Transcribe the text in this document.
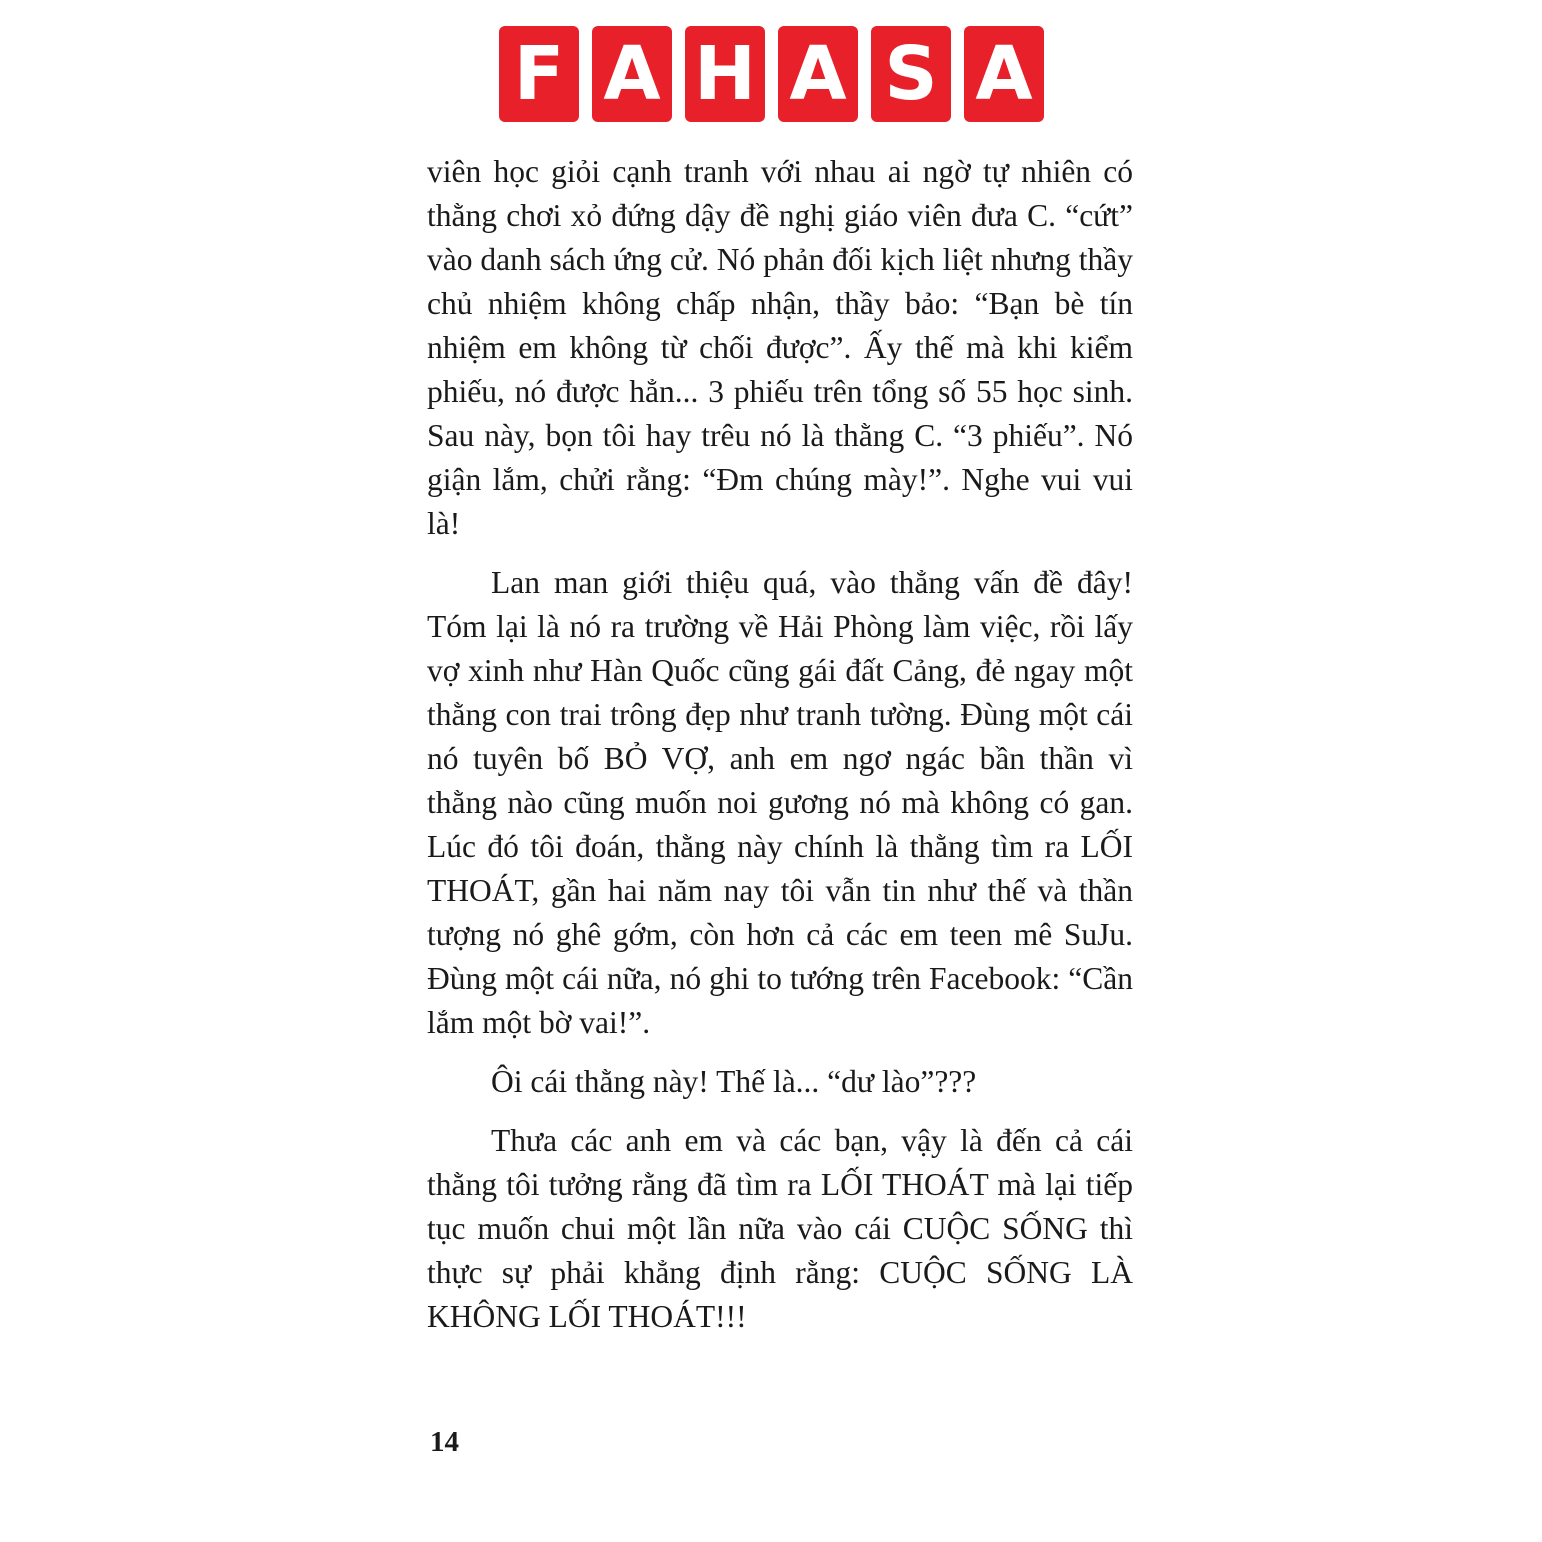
F A H A S A

viên học giỏi cạnh tranh với nhau ai ngờ tự nhiên có thằng chơi xỏ đứng dậy đề nghị giáo viên đưa C. “cứt” vào danh sách ứng cử. Nó phản đối kịch liệt nhưng thầy chủ nhiệm không chấp nhận, thầy bảo: “Bạn bè tín nhiệm em không từ chối được”. Ấy thế mà khi kiểm phiếu, nó được hẳn... 3 phiếu trên tổng số 55 học sinh. Sau này, bọn tôi hay trêu nó là thằng C. “3 phiếu”. Nó giận lắm, chửi rằng: “Đm chúng mày!”. Nghe vui vui là!

Lan man giới thiệu quá, vào thẳng vấn đề đây! Tóm lại là nó ra trường về Hải Phòng làm việc, rồi lấy vợ xinh như Hàn Quốc cũng gái đất Cảng, đẻ ngay một thằng con trai trông đẹp như tranh tường. Đùng một cái nó tuyên bố BỎ VỢ, anh em ngơ ngác bần thần vì thằng nào cũng muốn noi gương nó mà không có gan. Lúc đó tôi đoán, thằng này chính là thằng tìm ra LỐI THOÁT, gần hai năm nay tôi vẫn tin như thế và thần tượng nó ghê gớm, còn hơn cả các em teen mê SuJu. Đùng một cái nữa, nó ghi to tướng trên Facebook: “Cần lắm một bờ vai!”.

Ôi cái thằng này! Thế là... “dư lào”???

Thưa các anh em và các bạn, vậy là đến cả cái thằng tôi tưởng rằng đã tìm ra LỐI THOÁT mà lại tiếp tục muốn chui một lần nữa vào cái CUỘC SỐNG thì thực sự phải khẳng định rằng: CUỘC SỐNG LÀ KHÔNG LỐI THOÁT!!!

14
